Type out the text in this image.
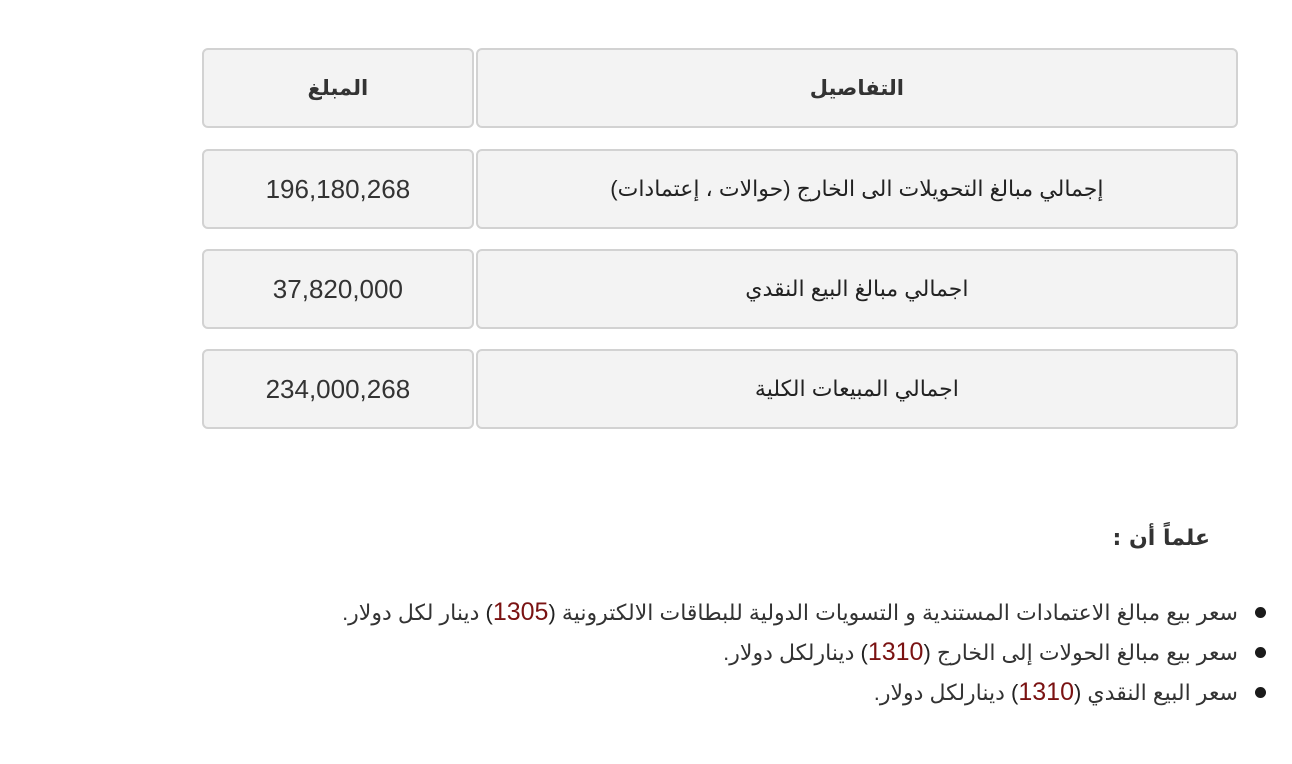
التفاصيل
المبلغ
إجمالي مبالغ التحويلات الى الخارج (حوالات ، إعتمادات)
196,180,268
اجمالي مبالغ البيع النقدي
37,820,000
اجمالي المبيعات الكلية
234,000,268
علماً أن :
سعر بيع مبالغ الاعتمادات المستندية و التسويات الدولية للبطاقات الالكترونية (1305) دينار لكل دولار.
سعر بيع مبالغ الحولات إلى الخارج (1310) دينارلكل دولار.
سعر البيع النقدي (1310) دينارلكل دولار.
